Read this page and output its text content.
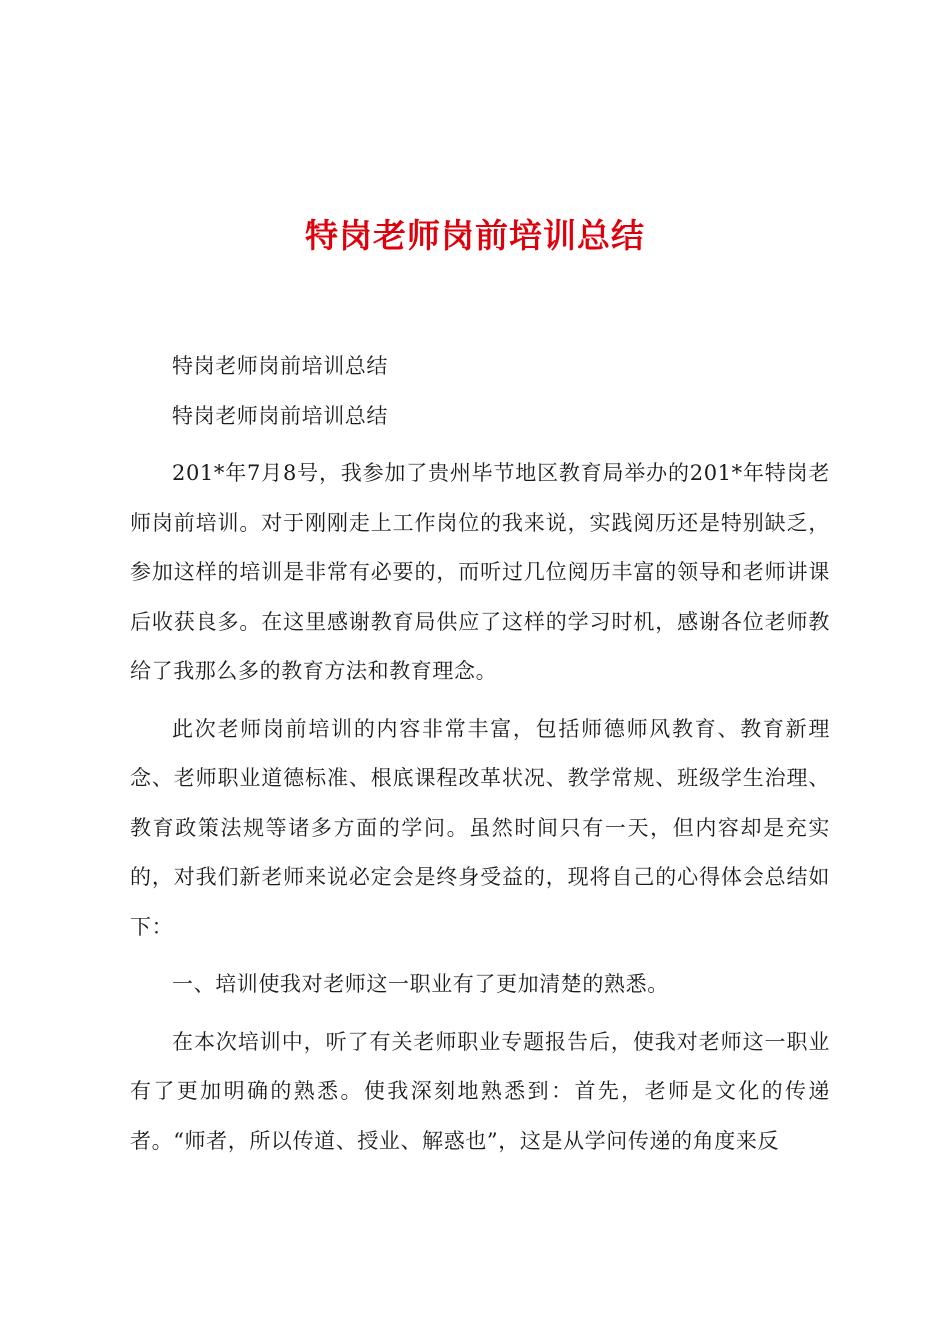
特岗老师岗前培训总结

特岗老师岗前培训总结

特岗老师岗前培训总结

201*年7月8号，我参加了贵州毕节地区教育局举办的201*年特岗老师岗前培训。对于刚刚走上工作岗位的我来说，实践阅历还是特别缺乏，参加这样的培训是非常有必要的，而听过几位阅历丰富的领导和老师讲课后收获良多。在这里感谢教育局供应了这样的学习时机，感谢各位老师教给了我那么多的教育方法和教育理念。

此次老师岗前培训的内容非常丰富，包括师德师风教育、教育新理念、老师职业道德标准、根底课程改革状况、教学常规、班级学生治理、教育政策法规等诸多方面的学问。虽然时间只有一天，但内容却是充实的，对我们新老师来说必定会是终身受益的，现将自己的心得体会总结如下：

一、培训使我对老师这一职业有了更加清楚的熟悉。

在本次培训中，听了有关老师职业专题报告后，使我对老师这一职业有了更加明确的熟悉。使我深刻地熟悉到：首先，老师是文化的传递者。“师者，所以传道、授业、解惑也”，这是从学问传递的角度来反
